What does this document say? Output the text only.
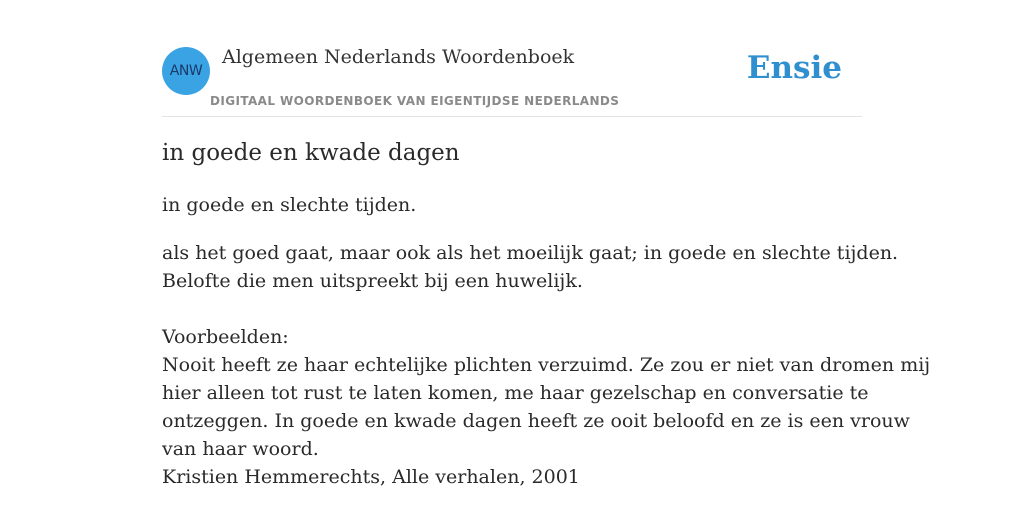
ANW
Algemeen Nederlands Woordenboek
DIGITAAL WOORDENBOEK VAN EIGENTIJDSE NEDERLANDS
Ensie
in goede en kwade dagen
in goede en slechte tijden.
als het goed gaat, maar ook als het moeilijk gaat; in goede en slechte tijden.
Belofte die men uitspreekt bij een huwelijk.
Voorbeelden:
Nooit heeft ze haar echtelijke plichten verzuimd. Ze zou er niet van dromen mij
hier alleen tot rust te laten komen, me haar gezelschap en conversatie te
ontzeggen. In goede en kwade dagen heeft ze ooit beloofd en ze is een vrouw
van haar woord.
Kristien Hemmerechts, Alle verhalen, 2001
